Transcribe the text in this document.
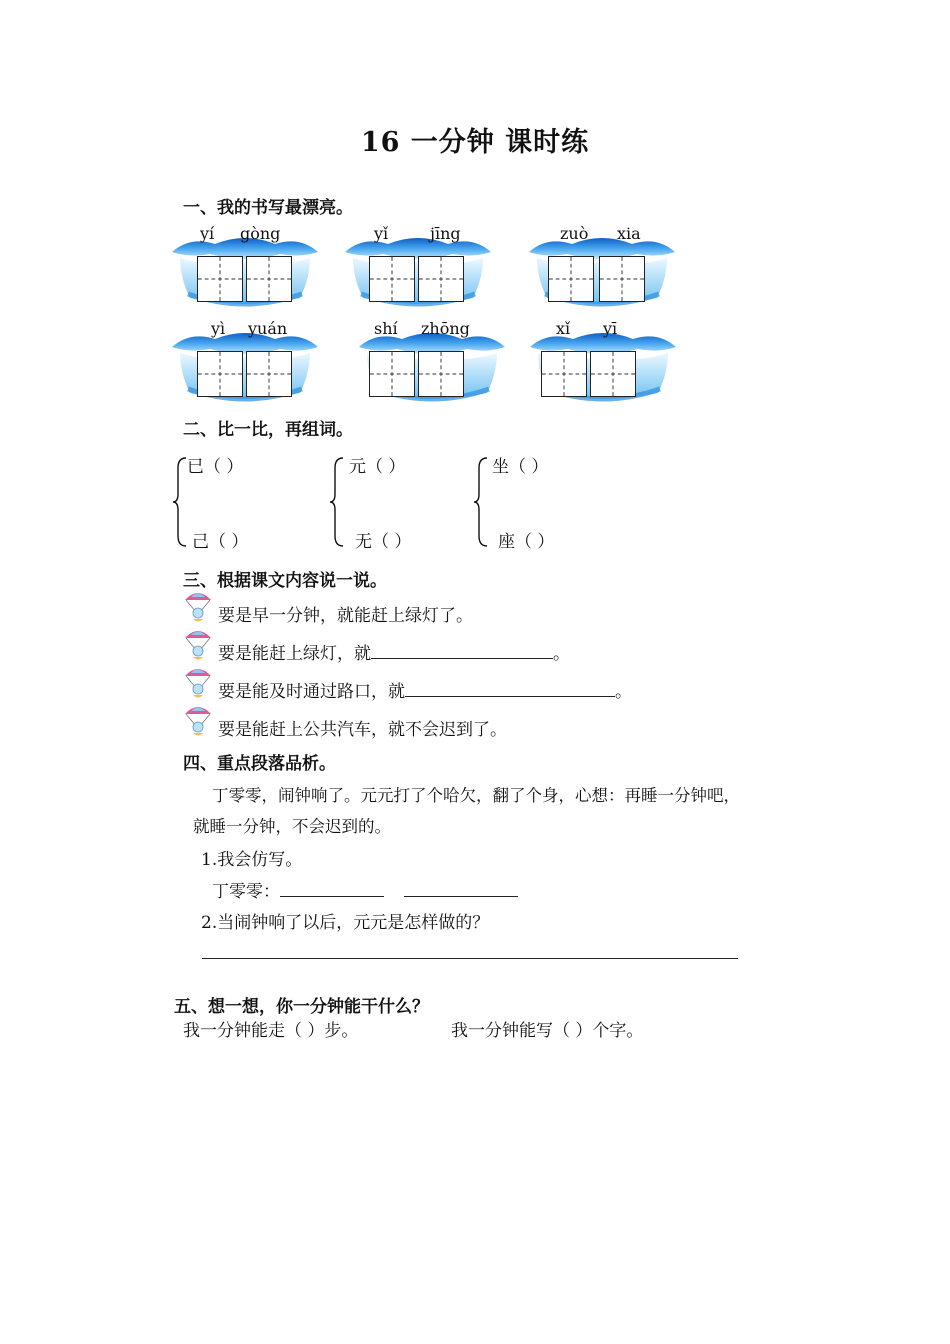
16 一分钟 课时练
一、我的书写最漂亮。
yí gòng	yǐ	jīng	zuò xia
yì yuán	shí zhōng	xǐ yī
二、比一比，再组词。
已（ ）
己（ ）
元（ ）
无（ ）
坐（ ）
座（ ）
三、根据课文内容说一说。
要是早一分钟，就能赶上绿灯了。
要是能赶上绿灯，就	。
要是能及时通过路口，就	。
要是能赶上公共汽车，就不会迟到了。
四、重点段落品析。
丁零零，闹钟响了。元元打了个哈欠，翻了个身，心想：再睡一分钟吧，
就睡一分钟，不会迟到的。
1.我会仿写。
丁零零：
2.当闹钟响了以后，元元是怎样做的？
五、想一想，你一分钟能干什么？
我一分钟能走（ ）步。	我一分钟能写（ ）个字。
